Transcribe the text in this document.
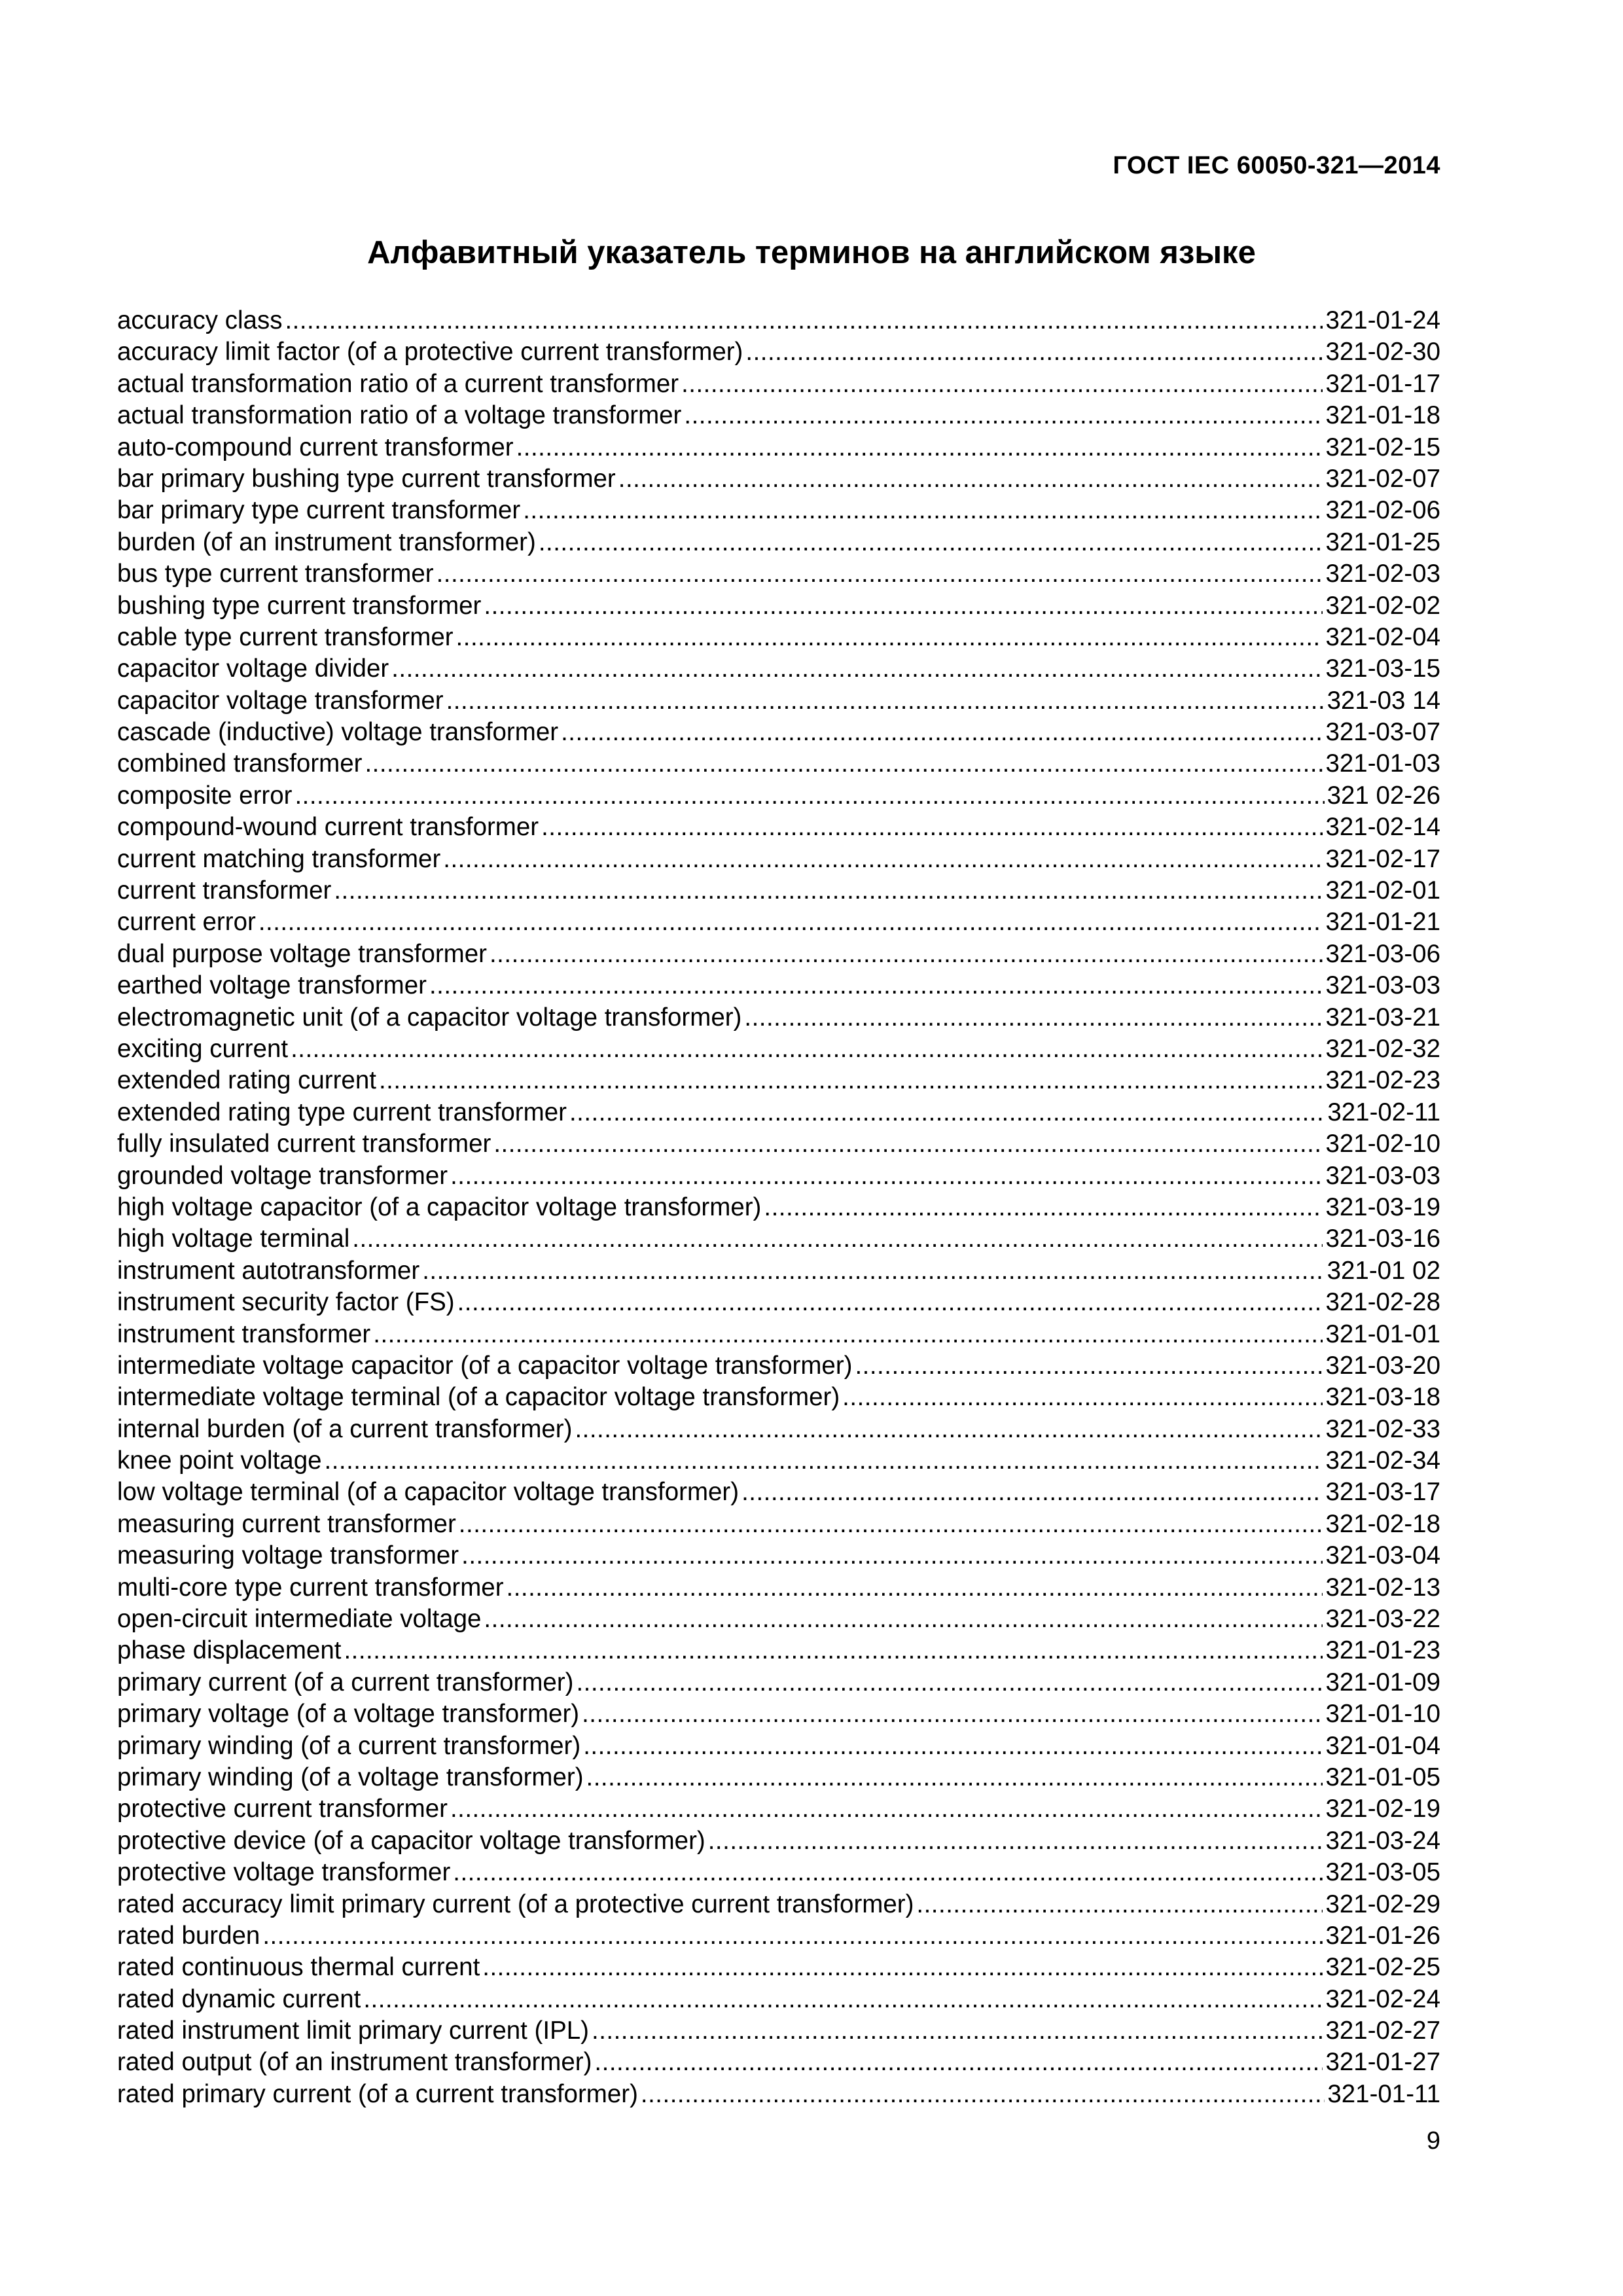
ГОСТ IEC 60050-321—2014
Алфавитный указатель терминов на английском языке
accuracy class .....	321-01-24
accuracy limit factor (of a protective current transformer) .....	321-02-30
actual transformation ratio of a current transformer .....	321-01-17
actual transformation ratio of a voltage transformer .....	321-01-18
auto-compound current transformer .....	321-02-15
bar primary bushing type current transformer .....	321-02-07
bar primary type current transformer .....	321-02-06
burden (of an instrument transformer) .....	321-01-25
bus type current transformer .....	321-02-03
bushing type current transformer .....	321-02-02
cable type current transformer .....	321-02-04
capacitor voltage divider .....	321-03-15
capacitor voltage transformer .....	321-03 14
cascade (inductive) voltage transformer .....	321-03-07
combined transformer .....	321-01-03
composite error .....	321 02-26
compound-wound current transformer .....	321-02-14
current matching transformer .....	321-02-17
current transformer .....	321-02-01
current error .....	321-01-21
dual purpose voltage transformer .....	321-03-06
earthed voltage transformer .....	321-03-03
electromagnetic unit (of a capacitor voltage transformer) .....	321-03-21
exciting current .....	321-02-32
extended rating current .....	321-02-23
extended rating type current transformer .....	321-02-11
fully insulated current transformer .....	321-02-10
grounded voltage transformer .....	321-03-03
high voltage capacitor (of a capacitor voltage transformer) .....	321-03-19
high voltage terminal .....	321-03-16
instrument autotransformer .....	321-01 02
instrument security factor (FS) .....	321-02-28
instrument transformer .....	321-01-01
intermediate voltage capacitor (of a capacitor voltage transformer) .....	321-03-20
intermediate voltage terminal (of a capacitor voltage transformer) .....	321-03-18
internal burden (of a current transformer) .....	321-02-33
knee point voltage .....	321-02-34
low voltage terminal (of a capacitor voltage transformer) .....	321-03-17
measuring current transformer .....	321-02-18
measuring voltage transformer .....	321-03-04
multi-core type current transformer .....	321-02-13
open-circuit intermediate voltage .....	321-03-22
phase displacement .....	321-01-23
primary current (of a current transformer) .....	321-01-09
primary voltage (of a voltage transformer) .....	321-01-10
primary winding (of a current transformer) .....	321-01-04
primary winding (of a voltage transformer) .....	321-01-05
protective current transformer .....	321-02-19
protective device (of a capacitor voltage transformer) .....	321-03-24
protective voltage transformer .....	321-03-05
rated accuracy limit primary current (of a protective current transformer) .....	321-02-29
rated burden .....	321-01-26
rated continuous thermal current .....	321-02-25
rated dynamic current .....	321-02-24
rated instrument limit primary current (IPL) .....	321-02-27
rated output (of an instrument transformer) .....	321-01-27
rated primary current (of a current transformer) .....	321-01-11
9
